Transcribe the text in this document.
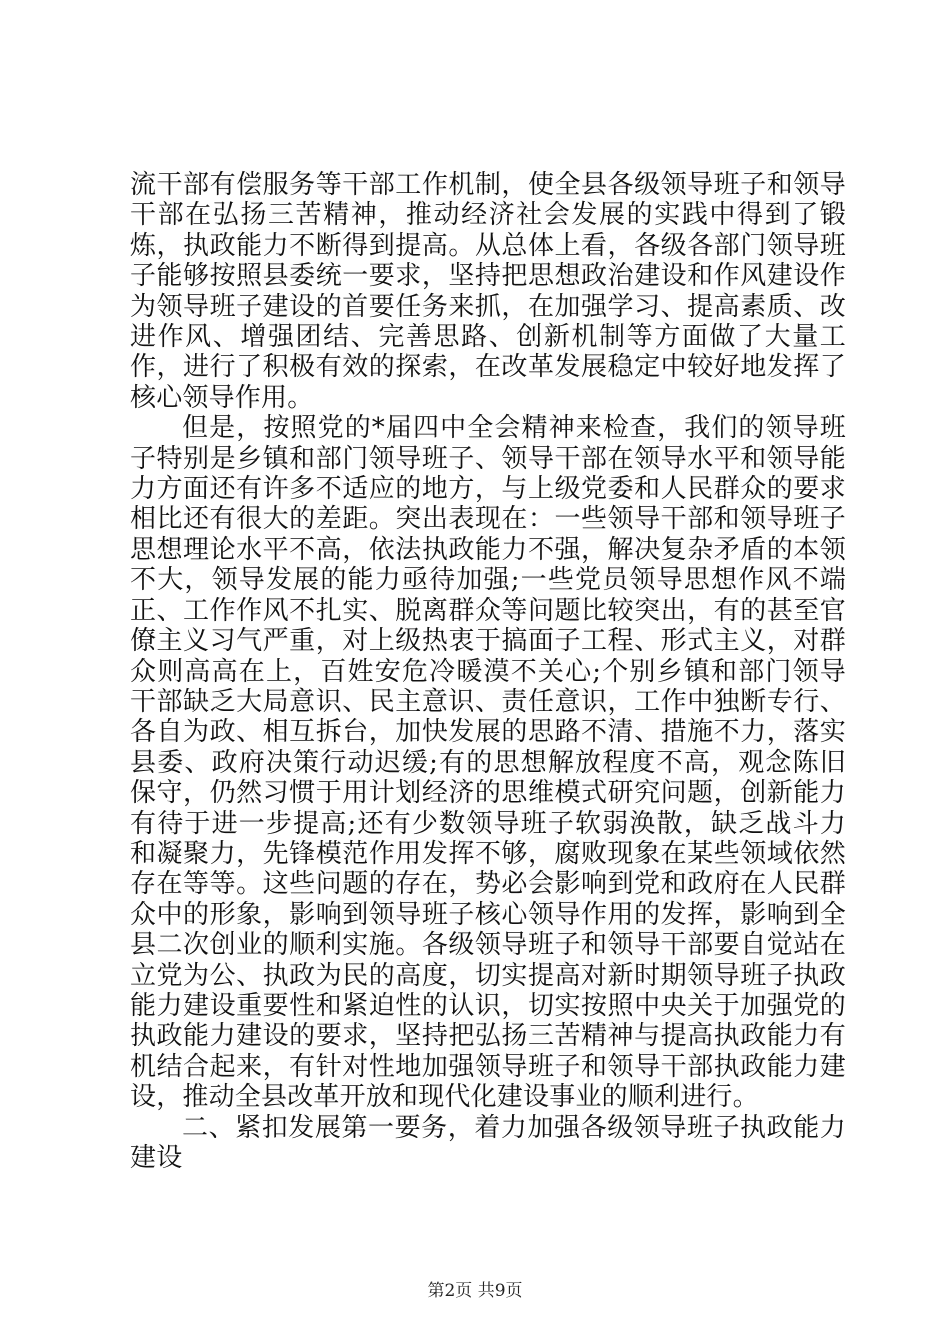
流干部有偿服务等干部工作机制，使全县各级领导班子和领导干部在弘扬三苦精神，推动经济社会发展的实践中得到了锻炼，执政能力不断得到提高。从总体上看，各级各部门领导班子能够按照县委统一要求，坚持把思想政治建设和作风建设作为领导班子建设的首要任务来抓，在加强学习、提高素质、改进作风、增强团结、完善思路、创新机制等方面做了大量工作，进行了积极有效的探索，在改革发展稳定中较好地发挥了核心领导作用。

但是，按照党的*届四中全会精神来检查，我们的领导班子特别是乡镇和部门领导班子、领导干部在领导水平和领导能力方面还有许多不适应的地方，与上级党委和人民群众的要求相比还有很大的差距。突出表现在：一些领导干部和领导班子思想理论水平不高，依法执政能力不强，解决复杂矛盾的本领不大，领导发展的能力亟待加强;一些党员领导思想作风不端正、工作作风不扎实、脱离群众等问题比较突出，有的甚至官僚主义习气严重，对上级热衷于搞面子工程、形式主义，对群众则高高在上，百姓安危冷暖漠不关心;个别乡镇和部门领导干部缺乏大局意识、民主意识、责任意识，工作中独断专行、各自为政、相互拆台，加快发展的思路不清、措施不力，落实县委、政府决策行动迟缓;有的思想解放程度不高，观念陈旧保守，仍然习惯于用计划经济的思维模式研究问题，创新能力有待于进一步提高;还有少数领导班子软弱涣散，缺乏战斗力和凝聚力，先锋模范作用发挥不够，腐败现象在某些领域依然存在等等。这些问题的存在，势必会影响到党和政府在人民群众中的形象，影响到领导班子核心领导作用的发挥，影响到全县二次创业的顺利实施。各级领导班子和领导干部要自觉站在立党为公、执政为民的高度，切实提高对新时期领导班子执政能力建设重要性和紧迫性的认识，切实按照中央关于加强党的执政能力建设的要求，坚持把弘扬三苦精神与提高执政能力有机结合起来，有针对性地加强领导班子和领导干部执政能力建设，推动全县改革开放和现代化建设事业的顺利进行。

二、紧扣发展第一要务，着力加强各级领导班子执政能力建设

第2页 共9页
